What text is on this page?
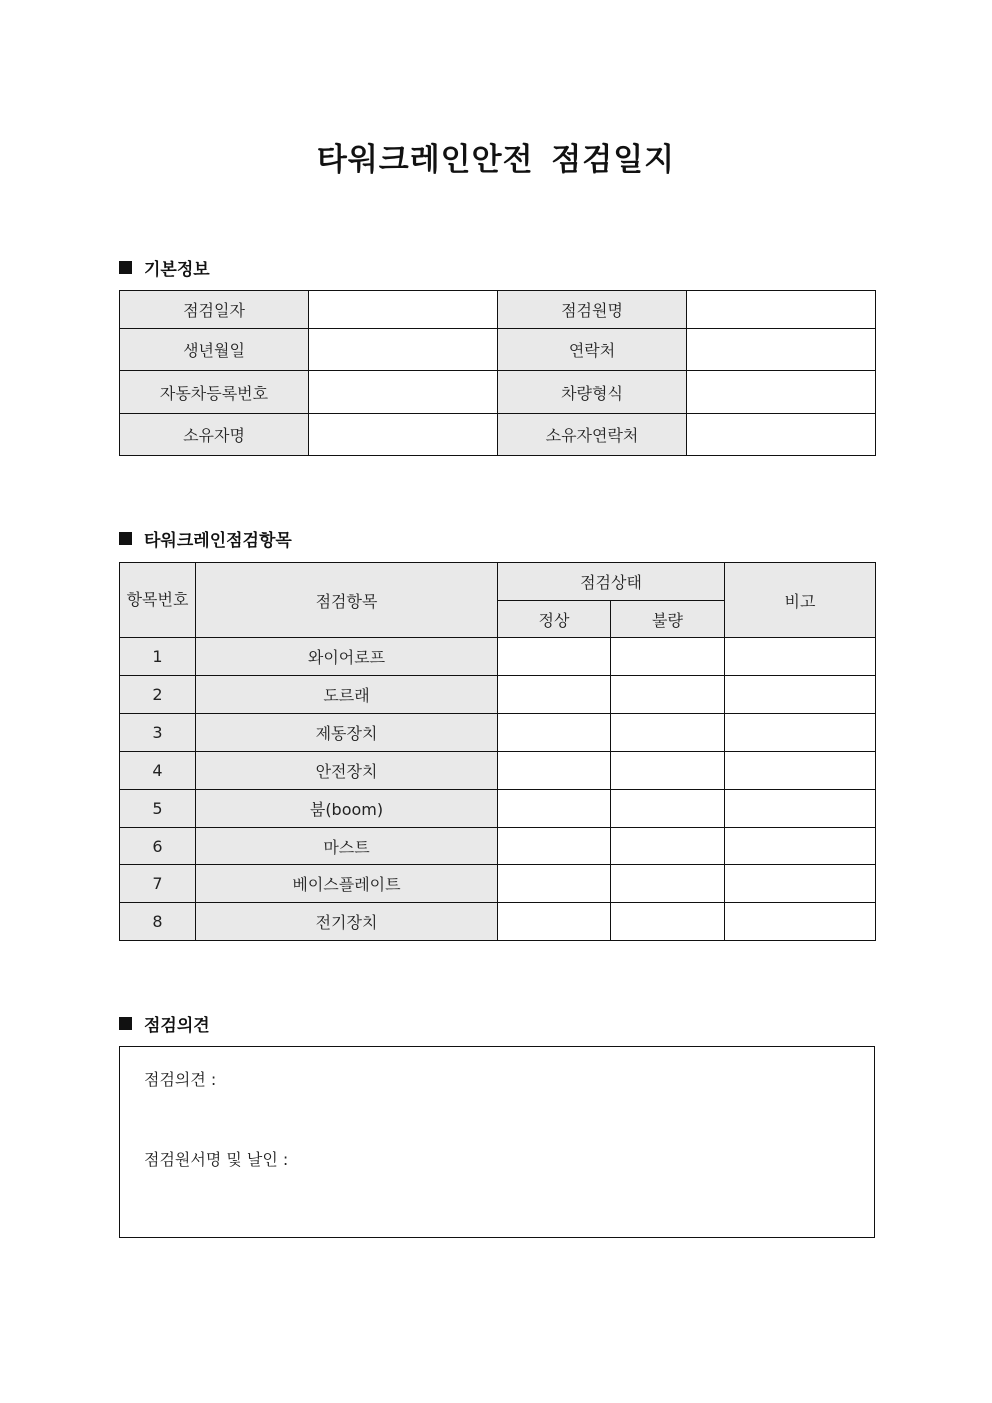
타워크레인안전 점검일지
기본정보
점검일자		점검원명	
생년월일		연락처	
자동차등록번호		차량형식	
소유자명		소유자연락처	
타워크레인점검항목
항목번호	점검항목	점검상태		비고
		정상	불량	
1	와이어로프			
2	도르래			
3	제동장치			
4	안전장치			
5	붐(boom)			
6	마스트			
7	베이스플레이트			
8	전기장치			
점검의견
점검의견 :
점검원서명 및 날인 :
